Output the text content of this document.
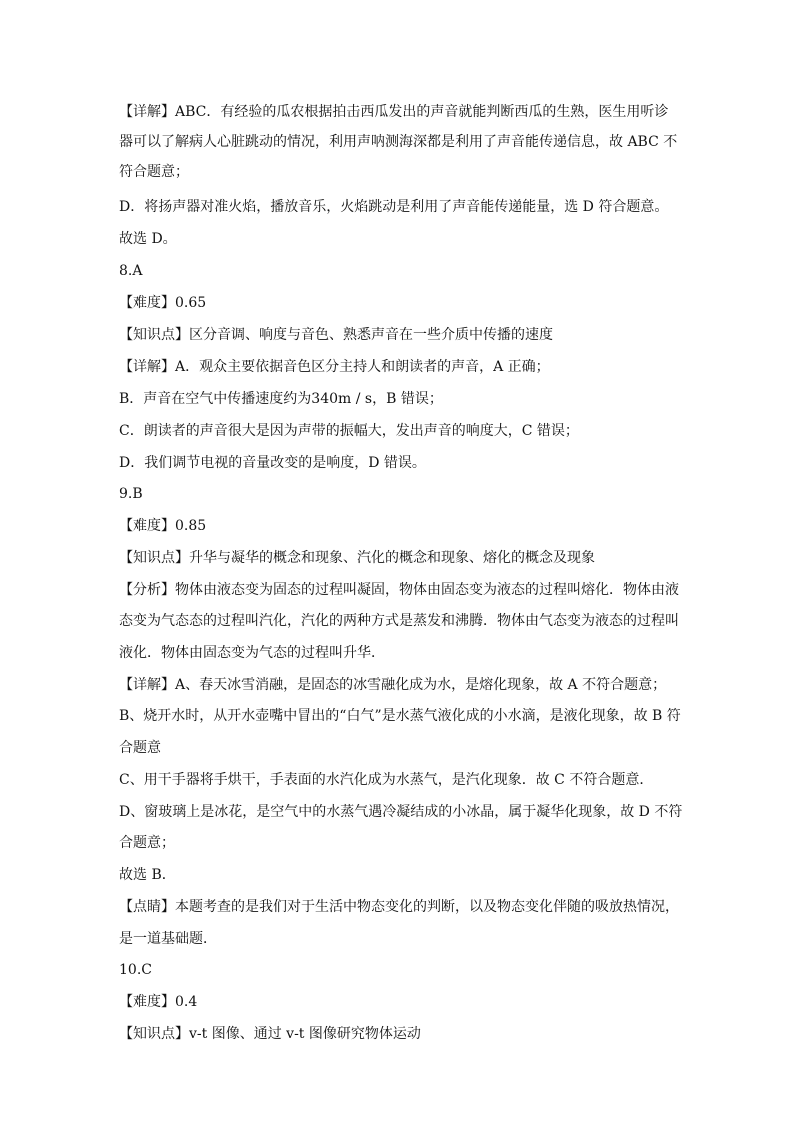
【详解】ABC．有经验的瓜农根据拍击西瓜发出的声音就能判断西瓜的生熟，医生用听诊
器可以了解病人心脏跳动的情况，利用声呐测海深都是利用了声音能传递信息，故 ABC 不
符合题意；
D．将扬声器对准火焰，播放音乐，火焰跳动是利用了声音能传递能量，选 D 符合题意。
故选 D。
8.A
【难度】0.65
【知识点】区分音调、响度与音色、熟悉声音在一些介质中传播的速度
【详解】A．观众主要依据音色区分主持人和朗读者的声音，A 正确；
B．声音在空气中传播速度约为340m / s，B 错误；
C．朗读者的声音很大是因为声带的振幅大，发出声音的响度大，C 错误；
D．我们调节电视的音量改变的是响度，D 错误。
9.B
【难度】0.85
【知识点】升华与凝华的概念和现象、汽化的概念和现象、熔化的概念及现象
【分析】物体由液态变为固态的过程叫凝固，物体由固态变为液态的过程叫熔化．物体由液
态变为气态态的过程叫汽化，汽化的两种方式是蒸发和沸腾．物体由气态变为液态的过程叫
液化．物体由固态变为气态的过程叫升华．
【详解】A、春天冰雪消融，是固态的冰雪融化成为水，是熔化现象，故 A 不符合题意；
B、烧开水时，从开水壶嘴中冒出的“白气”是水蒸气液化成的小水滴，是液化现象，故 B 符
合题意
C、用干手器将手烘干，手表面的水汽化成为水蒸气，是汽化现象．故 C 不符合题意．
D、窗玻璃上是冰花，是空气中的水蒸气遇冷凝结成的小冰晶，属于凝华化现象，故 D 不符
合题意；
故选 B．
【点睛】本题考查的是我们对于生活中物态变化的判断，以及物态变化伴随的吸放热情况，
是一道基础题．
10.C
【难度】0.4
【知识点】v-t 图像、通过 v-t 图像研究物体运动
